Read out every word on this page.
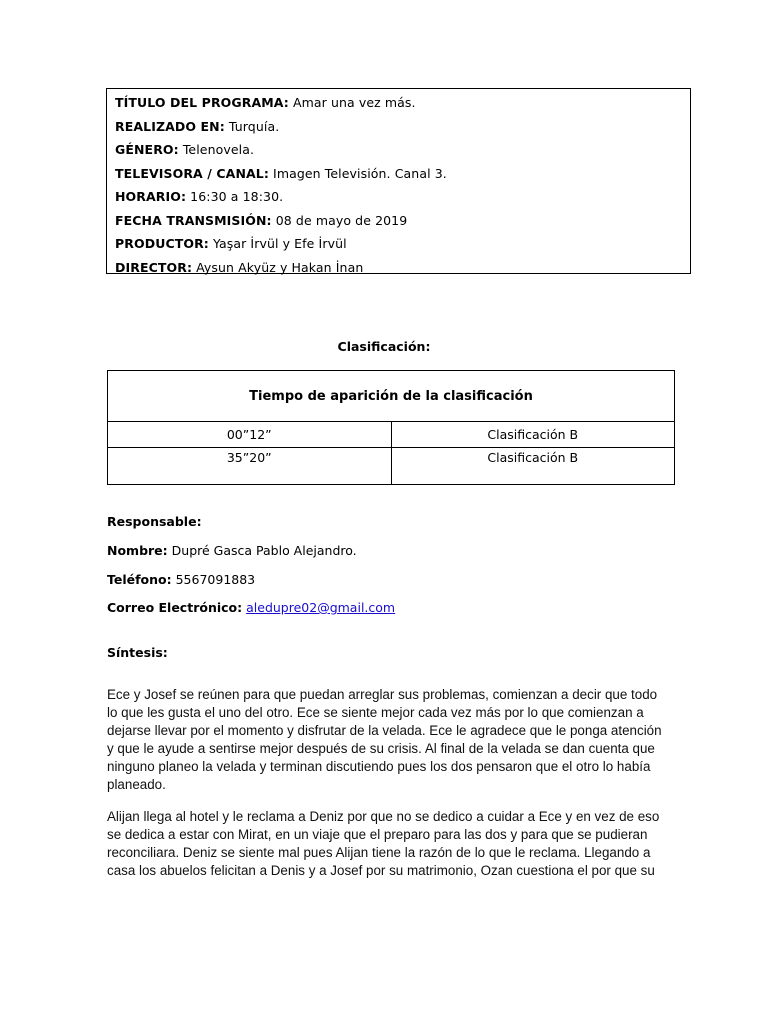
TÍTULO DEL PROGRAMA: Amar una vez más.
REALIZADO EN: Turquía.
GÉNERO: Telenovela.
TELEVISORA / CANAL: Imagen Televisión. Canal 3.
HORARIO: 16:30 a 18:30.
FECHA TRANSMISIÓN: 08 de mayo de 2019
PRODUCTOR: Yaşar İrvül y Efe İrvül
DIRECTOR: Aysun Akyüz y Hakan İnan
Clasificación:
Tiempo de aparición de la clasificación	
00”12”	Clasificación B
35”20”	Clasificación B
Responsable:
Nombre: Dupré Gasca Pablo Alejandro.
Teléfono: 5567091883
Correo Electrónico: aledupre02@gmail.com
Síntesis:

Ece y Josef se reúnen para que puedan arreglar sus problemas, comienzan a decir que todo lo que les gusta el uno del otro. Ece se siente mejor cada vez más por lo que comienzan a dejarse llevar por el momento y disfrutar de la velada. Ece le agradece que le ponga atención y que le ayude a sentirse mejor después de su crisis. Al final de la velada se dan cuenta que ninguno planeo la velada y terminan discutiendo pues los dos pensaron que el otro lo había planeado.

Alijan llega al hotel y le reclama a Deniz por que no se dedico a cuidar a Ece y en vez de eso se dedica a estar con Mirat, en un viaje que el preparo para las dos y para que se pudieran reconciliara. Deniz se siente mal pues Alijan tiene la razón de lo que le reclama. Llegando a casa los abuelos felicitan a Denis y a Josef por su matrimonio, Ozan cuestiona el por que su
